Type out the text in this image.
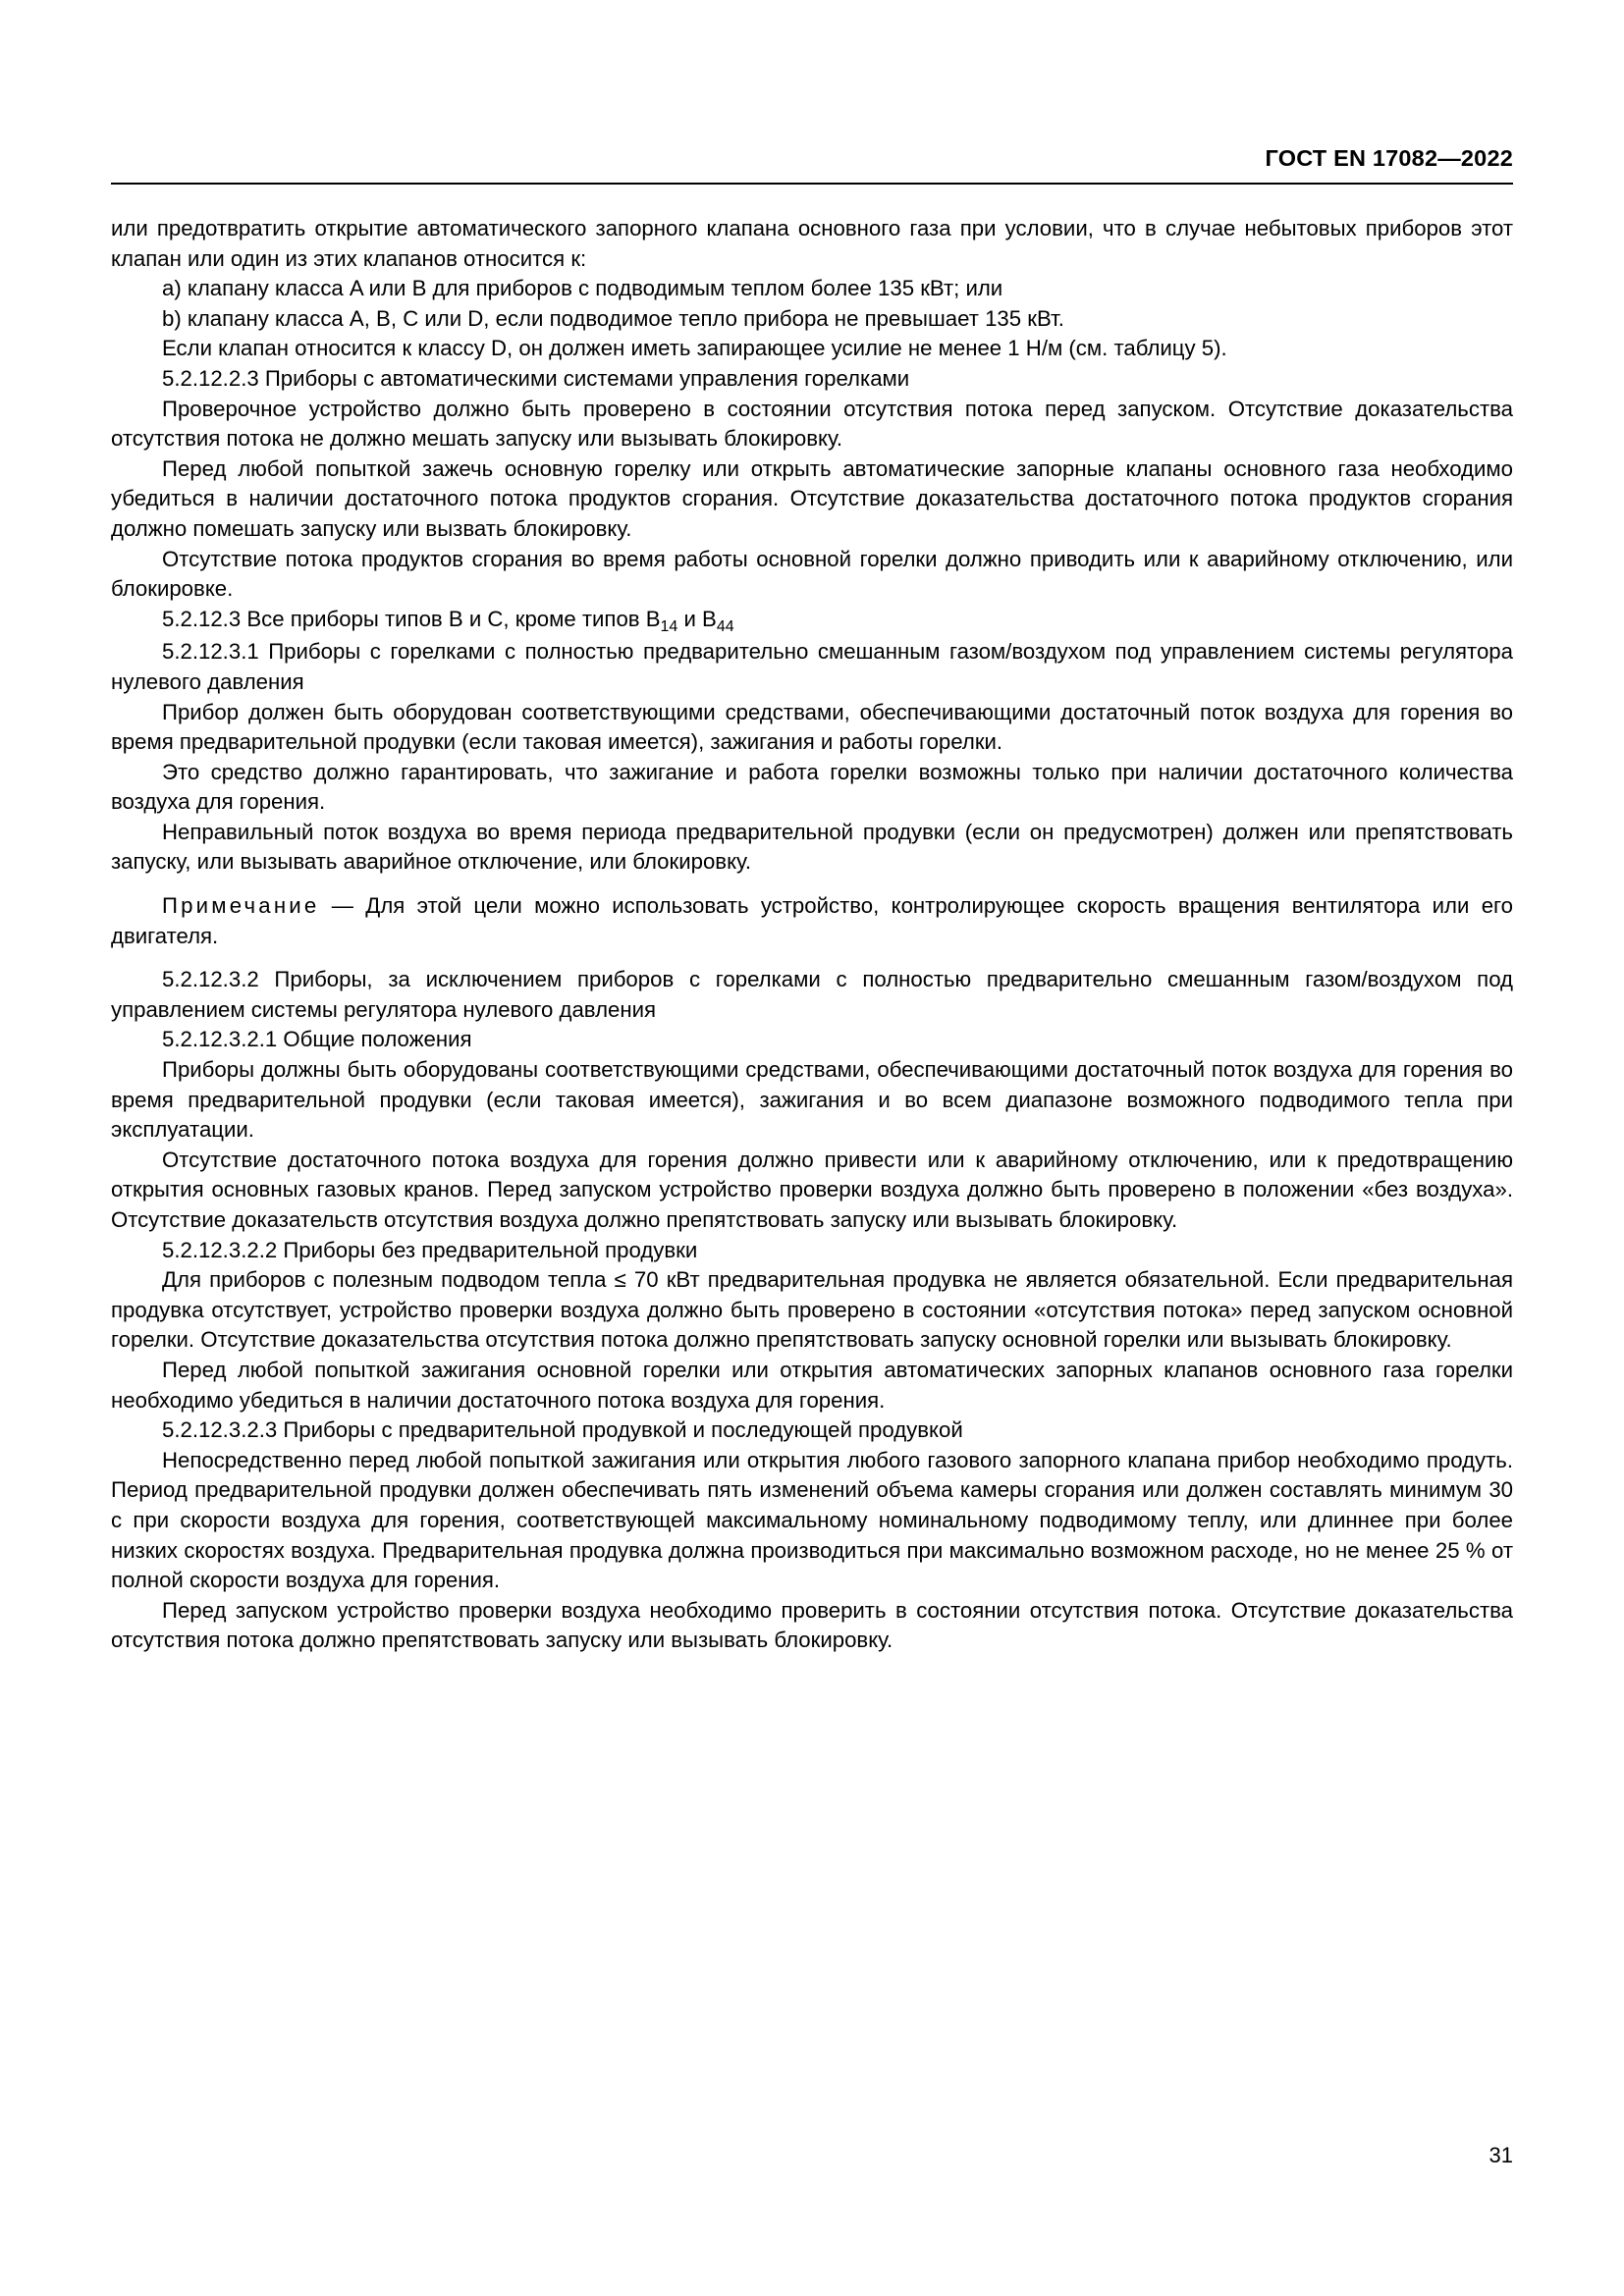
ГОСТ EN 17082—2022

или предотвратить открытие автоматического запорного клапана основного газа при условии, что в случае небытовых приборов этот клапан или один из этих клапанов относится к:

a) клапану класса A или B для приборов с подводимым теплом более 135 кВт; или

b) клапану класса A, B, C или D, если подводимое тепло прибора не превышает 135 кВт.

Если клапан относится к классу D, он должен иметь запирающее усилие не менее 1 Н/м (см. таблицу 5).

5.2.12.2.3 Приборы с автоматическими системами управления горелками

Проверочное устройство должно быть проверено в состоянии отсутствия потока перед запуском. Отсутствие доказательства отсутствия потока не должно мешать запуску или вызывать блокировку.

Перед любой попыткой зажечь основную горелку или открыть автоматические запорные клапаны основного газа необходимо убедиться в наличии достаточного потока продуктов сгорания. Отсутствие доказательства достаточного потока продуктов сгорания должно помешать запуску или вызвать блокировку.

Отсутствие потока продуктов сгорания во время работы основной горелки должно приводить или к аварийному отключению, или блокировке.

5.2.12.3 Все приборы типов B и C, кроме типов $B_{14}$ и $B_{44}$

5.2.12.3.1 Приборы с горелками с полностью предварительно смешанным газом/воздухом под управлением системы регулятора нулевого давления

Прибор должен быть оборудован соответствующими средствами, обеспечивающими достаточный поток воздуха для горения во время предварительной продувки (если таковая имеется), зажигания и работы горелки.

Это средство должно гарантировать, что зажигание и работа горелки возможны только при наличии достаточного количества воздуха для горения.

Неправильный поток воздуха во время периода предварительной продувки (если он предусмотрен) должен или препятствовать запуску, или вызывать аварийное отключение, или блокировку.

Примечание — Для этой цели можно использовать устройство, контролирующее скорость вращения вентилятора или его двигателя.

5.2.12.3.2 Приборы, за исключением приборов с горелками с полностью предварительно смешанным газом/воздухом под управлением системы регулятора нулевого давления

5.2.12.3.2.1 Общие положения

Приборы должны быть оборудованы соответствующими средствами, обеспечивающими достаточный поток воздуха для горения во время предварительной продувки (если таковая имеется), зажигания и во всем диапазоне возможного подводимого тепла при эксплуатации.

Отсутствие достаточного потока воздуха для горения должно привести или к аварийному отключению, или к предотвращению открытия основных газовых кранов. Перед запуском устройство проверки воздуха должно быть проверено в положении «без воздуха». Отсутствие доказательств отсутствия воздуха должно препятствовать запуску или вызывать блокировку.

5.2.12.3.2.2 Приборы без предварительной продувки

Для приборов с полезным подводом тепла ≤ 70 кВт предварительная продувка не является обязательной. Если предварительная продувка отсутствует, устройство проверки воздуха должно быть проверено в состоянии «отсутствия потока» перед запуском основной горелки. Отсутствие доказательства отсутствия потока должно препятствовать запуску основной горелки или вызывать блокировку.

Перед любой попыткой зажигания основной горелки или открытия автоматических запорных клапанов основного газа горелки необходимо убедиться в наличии достаточного потока воздуха для горения.

5.2.12.3.2.3 Приборы с предварительной продувкой и последующей продувкой

Непосредственно перед любой попыткой зажигания или открытия любого газового запорного клапана прибор необходимо продуть. Период предварительной продувки должен обеспечивать пять изменений объема камеры сгорания или должен составлять минимум 30 с при скорости воздуха для горения, соответствующей максимальному номинальному подводимому теплу, или длиннее при более низких скоростях воздуха. Предварительная продувка должна производиться при максимально возможном расходе, но не менее 25 % от полной скорости воздуха для горения.

Перед запуском устройство проверки воздуха необходимо проверить в состоянии отсутствия потока. Отсутствие доказательства отсутствия потока должно препятствовать запуску или вызывать блокировку.

31
